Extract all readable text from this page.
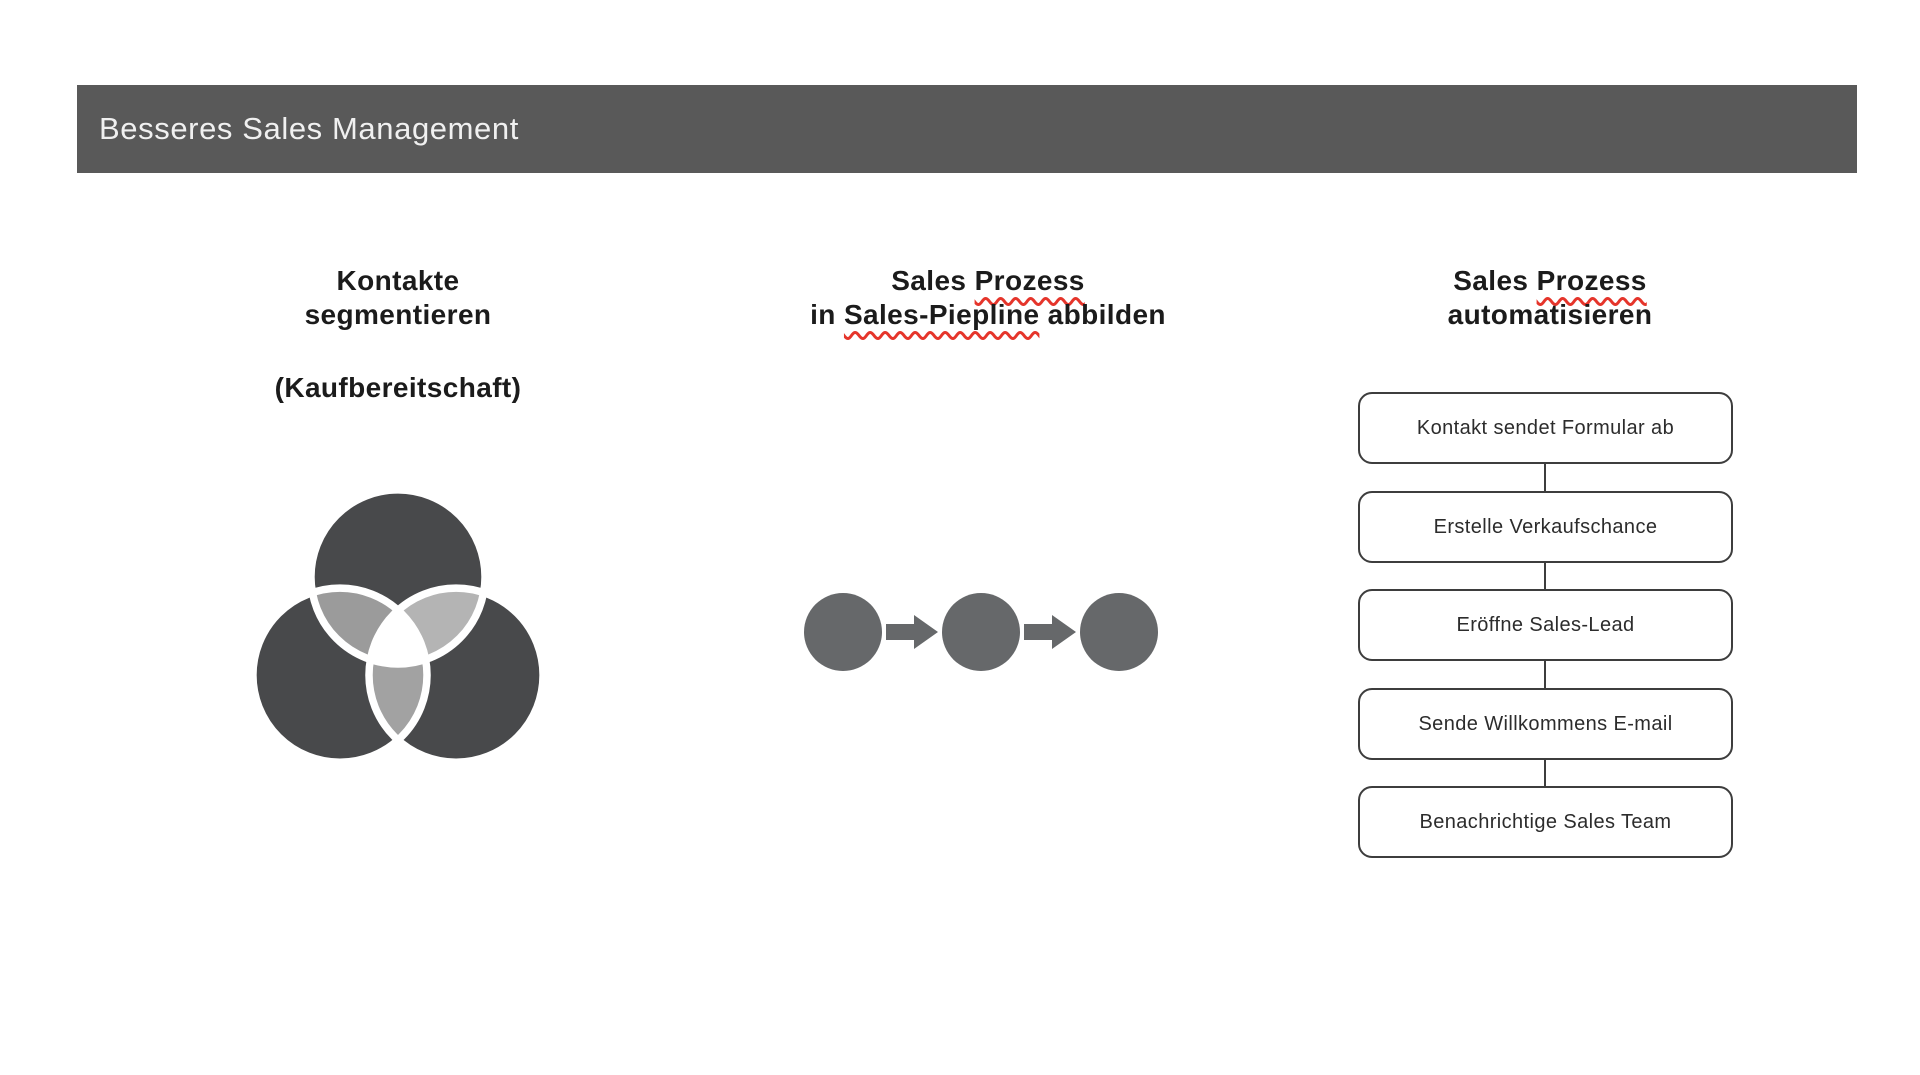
Besseres Sales Management
Kontakte
segmentieren

(Kaufbereitschaft)

Sales Prozess
in Sales-Piepline abbilden
Sales Prozess
automatisieren
Kontakt sendet Formular ab
Erstelle Verkaufschance
Eröffne Sales-Lead
Sende Willkommens E-mail
Benachrichtige Sales Team
